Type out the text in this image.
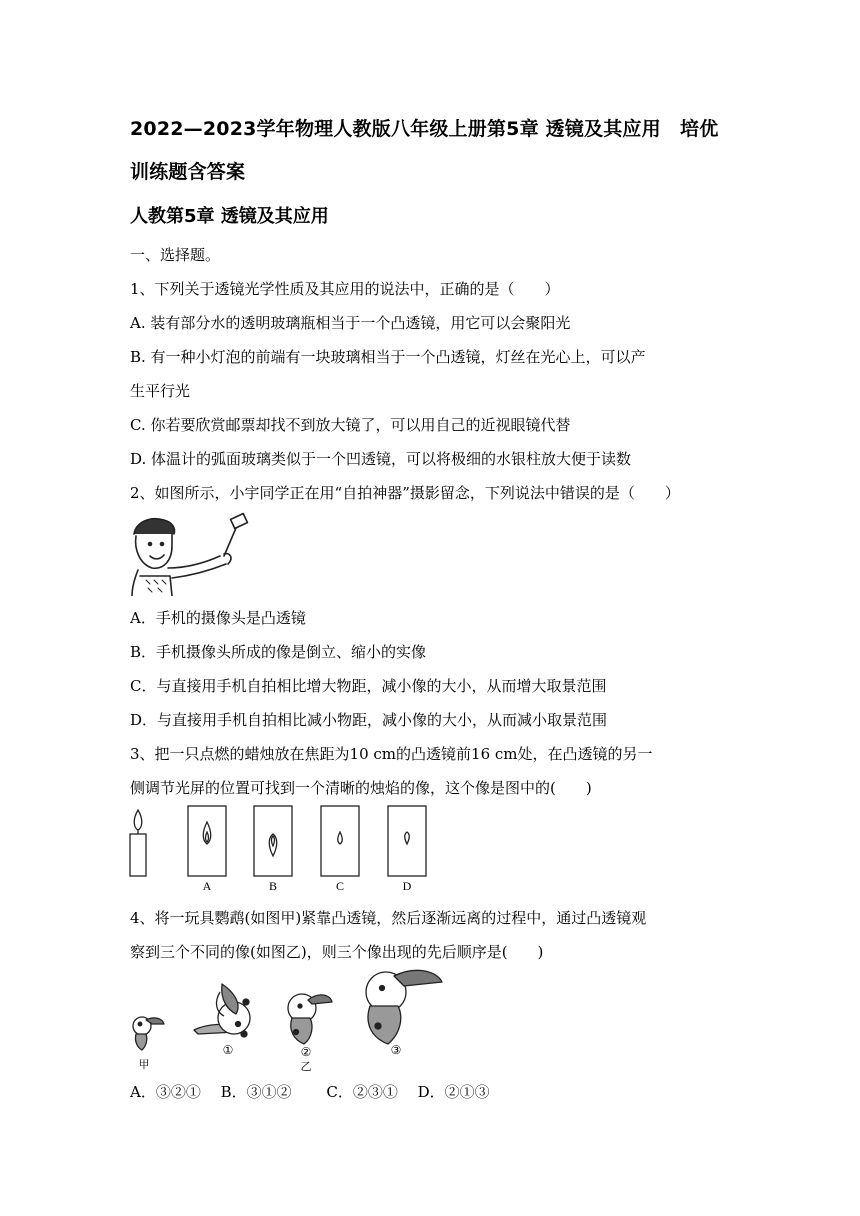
2022—2023学年物理人教版八年级上册第5章 透镜及其应用　培优
训练题含答案
人教第5章 透镜及其应用
一、选择题。
1、下列关于透镜光学性质及其应用的说法中，正确的是（　　）
A. 装有部分水的透明玻璃瓶相当于一个凸透镜，用它可以会聚阳光
B. 有一种小灯泡的前端有一块玻璃相当于一个凸透镜，灯丝在光心上，可以产
生平行光
C. 你若要欣赏邮票却找不到放大镜了，可以用自己的近视眼镜代替
D. 体温计的弧面玻璃类似于一个凹透镜，可以将极细的水银柱放大便于读数
2、如图所示，小宇同学正在用“自拍神器”摄影留念，下列说法中错误的是（　　）
A．手机的摄像头是凸透镜
B．手机摄像头所成的像是倒立、缩小的实像
C．与直接用手机自拍相比增大物距，减小像的大小，从而增大取景范围
D．与直接用手机自拍相比减小物距，减小像的大小，从而减小取景范围
3、把一只点燃的蜡烛放在焦距为10 cm的凸透镜前16 cm处，在凸透镜的另一
侧调节光屏的位置可找到一个清晰的烛焰的像，这个像是图中的(　　)
A	B	C	D
4、将一玩具鹦鹉(如图甲)紧靠凸透镜，然后逐渐远离的过程中，通过凸透镜观
察到三个不同的像(如图乙)，则三个像出现的先后顺序是(　　)
甲
①	②
乙
③
A．③②①　 B．③①②　　 C．②③①　 D．②①③
